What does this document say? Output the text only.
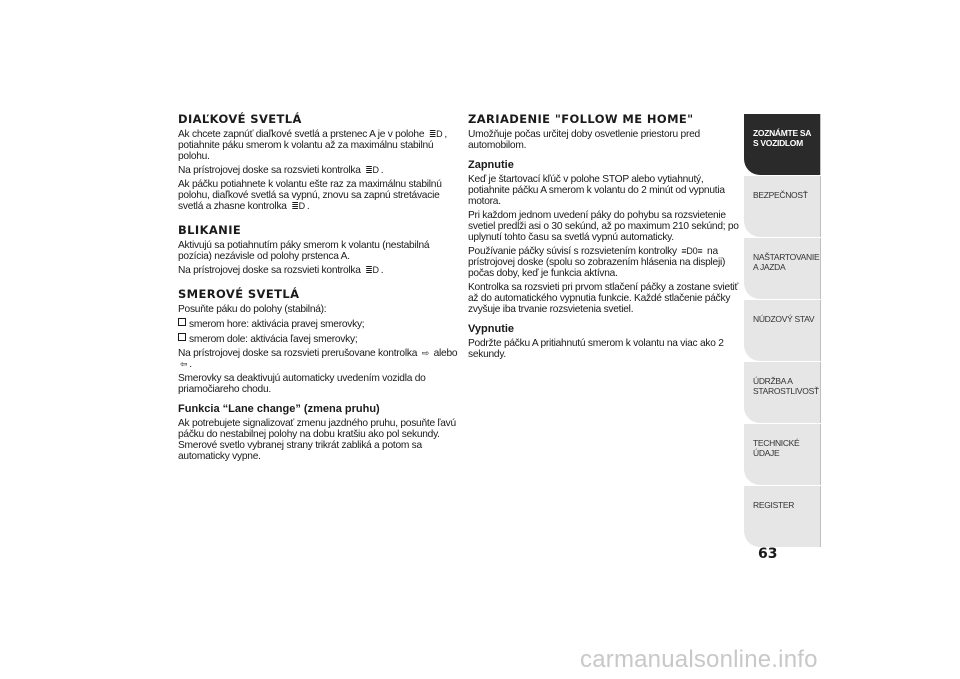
DIAĽKOVÉ SVETLÁ

Ak chcete zapnúť diaľkové svetlá a prstenec A je v polohe ≣D , potiahnite páku smerom k volantu až za maximálnu stabilnú polohu.

Na prístrojovej doske sa rozsvieti kontrolka ≣D .

Ak páčku potiahnete k volantu ešte raz za maximálnu stabilnú polohu, diaľkové svetlá sa vypnú, znovu sa zapnú stretávacie svetlá a zhasne kontrolka ≣D .

BLIKANIE

Aktivujú sa potiahnutím páky smerom k volantu (nestabilná pozícia) nezávisle od polohy prstenca A.

Na prístrojovej doske sa rozsvieti kontrolka ≣D .

SMEROVÉ SVETLÁ

Posuňte páku do polohy (stabilná):

smerom hore: aktivácia pravej smerovky;

smerom dole: aktivácia ľavej smerovky;

Na prístrojovej doske sa rozsvieti prerušovane kontrolka ⇨ alebo ⇦ .

Smerovky sa deaktivujú automaticky uvedením vozidla do priamočiareho chodu.

Funkcia “Lane change” (zmena pruhu)

Ak potrebujete signalizovať zmenu jazdného pruhu, posuňte ľavú páčku do nestabilnej polohy na dobu kratšiu ako pol sekundy. Smerové svetlo vybranej strany trikrát zabliká a potom sa automaticky vypne.

ZARIADENIE "FOLLOW ME HOME"

Umožňuje počas určitej doby osvetlenie priestoru pred automobilom.

Zapnutie

Keď je štartovací kľúč v polohe STOP alebo vytiahnutý, potiahnite páčku A smerom k volantu do 2 minút od vypnutia motora.

Pri každom jednom uvedení páky do pohybu sa rozsvietenie svetiel predĺži asi o 30 sekúnd, až po maximum 210 sekúnd; po uplynutí tohto času sa svetlá vypnú automaticky.

Používanie páčky súvisí s rozsvietením kontrolky ≡D0≡ na prístrojovej doske (spolu so zobrazením hlásenia na displeji) počas doby, keď je funkcia aktívna.

Kontrolka sa rozsvieti pri prvom stlačení páčky a zostane svietiť až do automatického vypnutia funkcie. Každé stlačenie páčky zvyšuje iba trvanie rozsvietenia svetiel.

Vypnutie

Podržte páčku A pritiahnutú smerom k volantu na viac ako 2 sekundy.

ZOZNÁMTE SA S VOZIDLOM
BEZPEČNOSŤ
NAŠTARTOVANIE A JAZDA
NÚDZOVÝ STAV
ÚDRŽBA A STAROSTLIVOSŤ
TECHNICKÉ ÚDAJE
REGISTER
63
carmanualsonline.info
